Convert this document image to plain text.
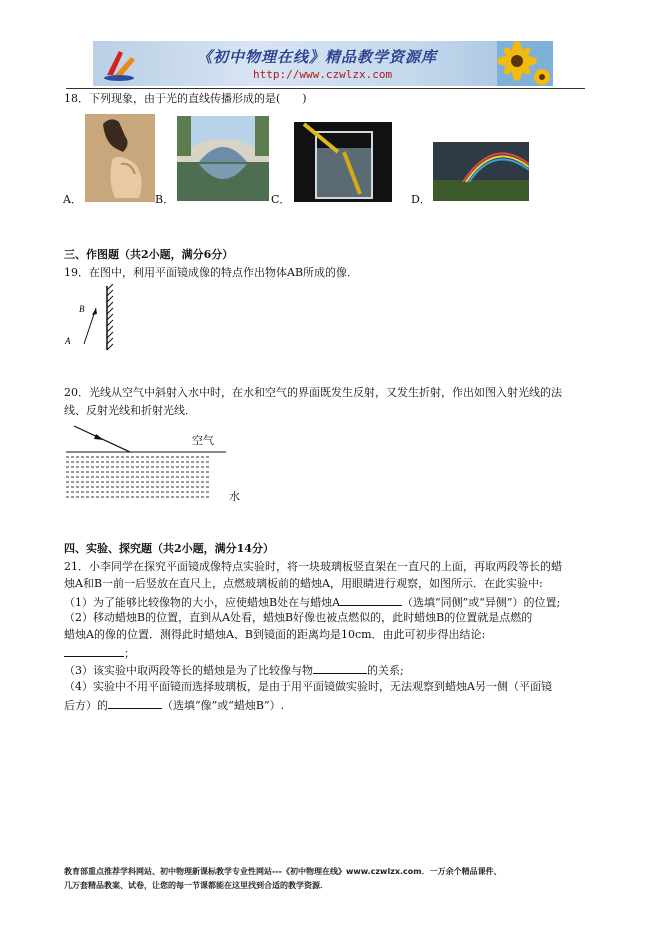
《初中物理在线》精品教学资源库
http://www.czwlzx.com
18．下列现象，由于光的直线传播形成的是(　　)
A．	B．	C．	D．
三、作图题（共2小题，满分6分）
19．在图中，利用平面镜成像的特点作出物体AB所成的像．
B
A
20．光线从空气中斜射入水中时，在水和空气的界面既发生反射，又发生折射，作出如图入射光线的法
线、反射光线和折射光线．
空气
水
四、实验、探究题（共2小题，满分14分）
21．小李同学在探究平面镜成像特点实验时，将一块玻璃板竖直架在一直尺的上面，再取两段等长的蜡
烛A和B一前一后竖放在直尺上，点燃玻璃板前的蜡烛A，用眼睛进行观察，如图所示．在此实验中:
（1）为了能够比较像物的大小，应使蜡烛B处在与蜡烛A	（选填“同侧”或“异侧”）的位置;
（2）移动蜡烛B的位置，直到从A处看，蜡烛B好像也被点燃似的，此时蜡烛B的位置就是点燃的
蜡烛A的像的位置．测得此时蜡烛A、B到镜面的距离均是10cm．由此可初步得出结论:
；
（3）该实验中取两段等长的蜡烛是为了比较像与物	的关系;
（4）实验中不用平面镜而选择玻璃板，是由于用平面镜做实验时，无法观察到蜡烛A另一侧（平面镜
后方）的	（选填“像”或“蜡烛B”）.
教育部重点推荐学科网站、初中物理新课标教学专业性网站---《初中物理在线》www.czwlzx.com．一万余个精品课件、
几万套精品教案、试卷，让您的每一节课都能在这里找到合适的教学资源．
